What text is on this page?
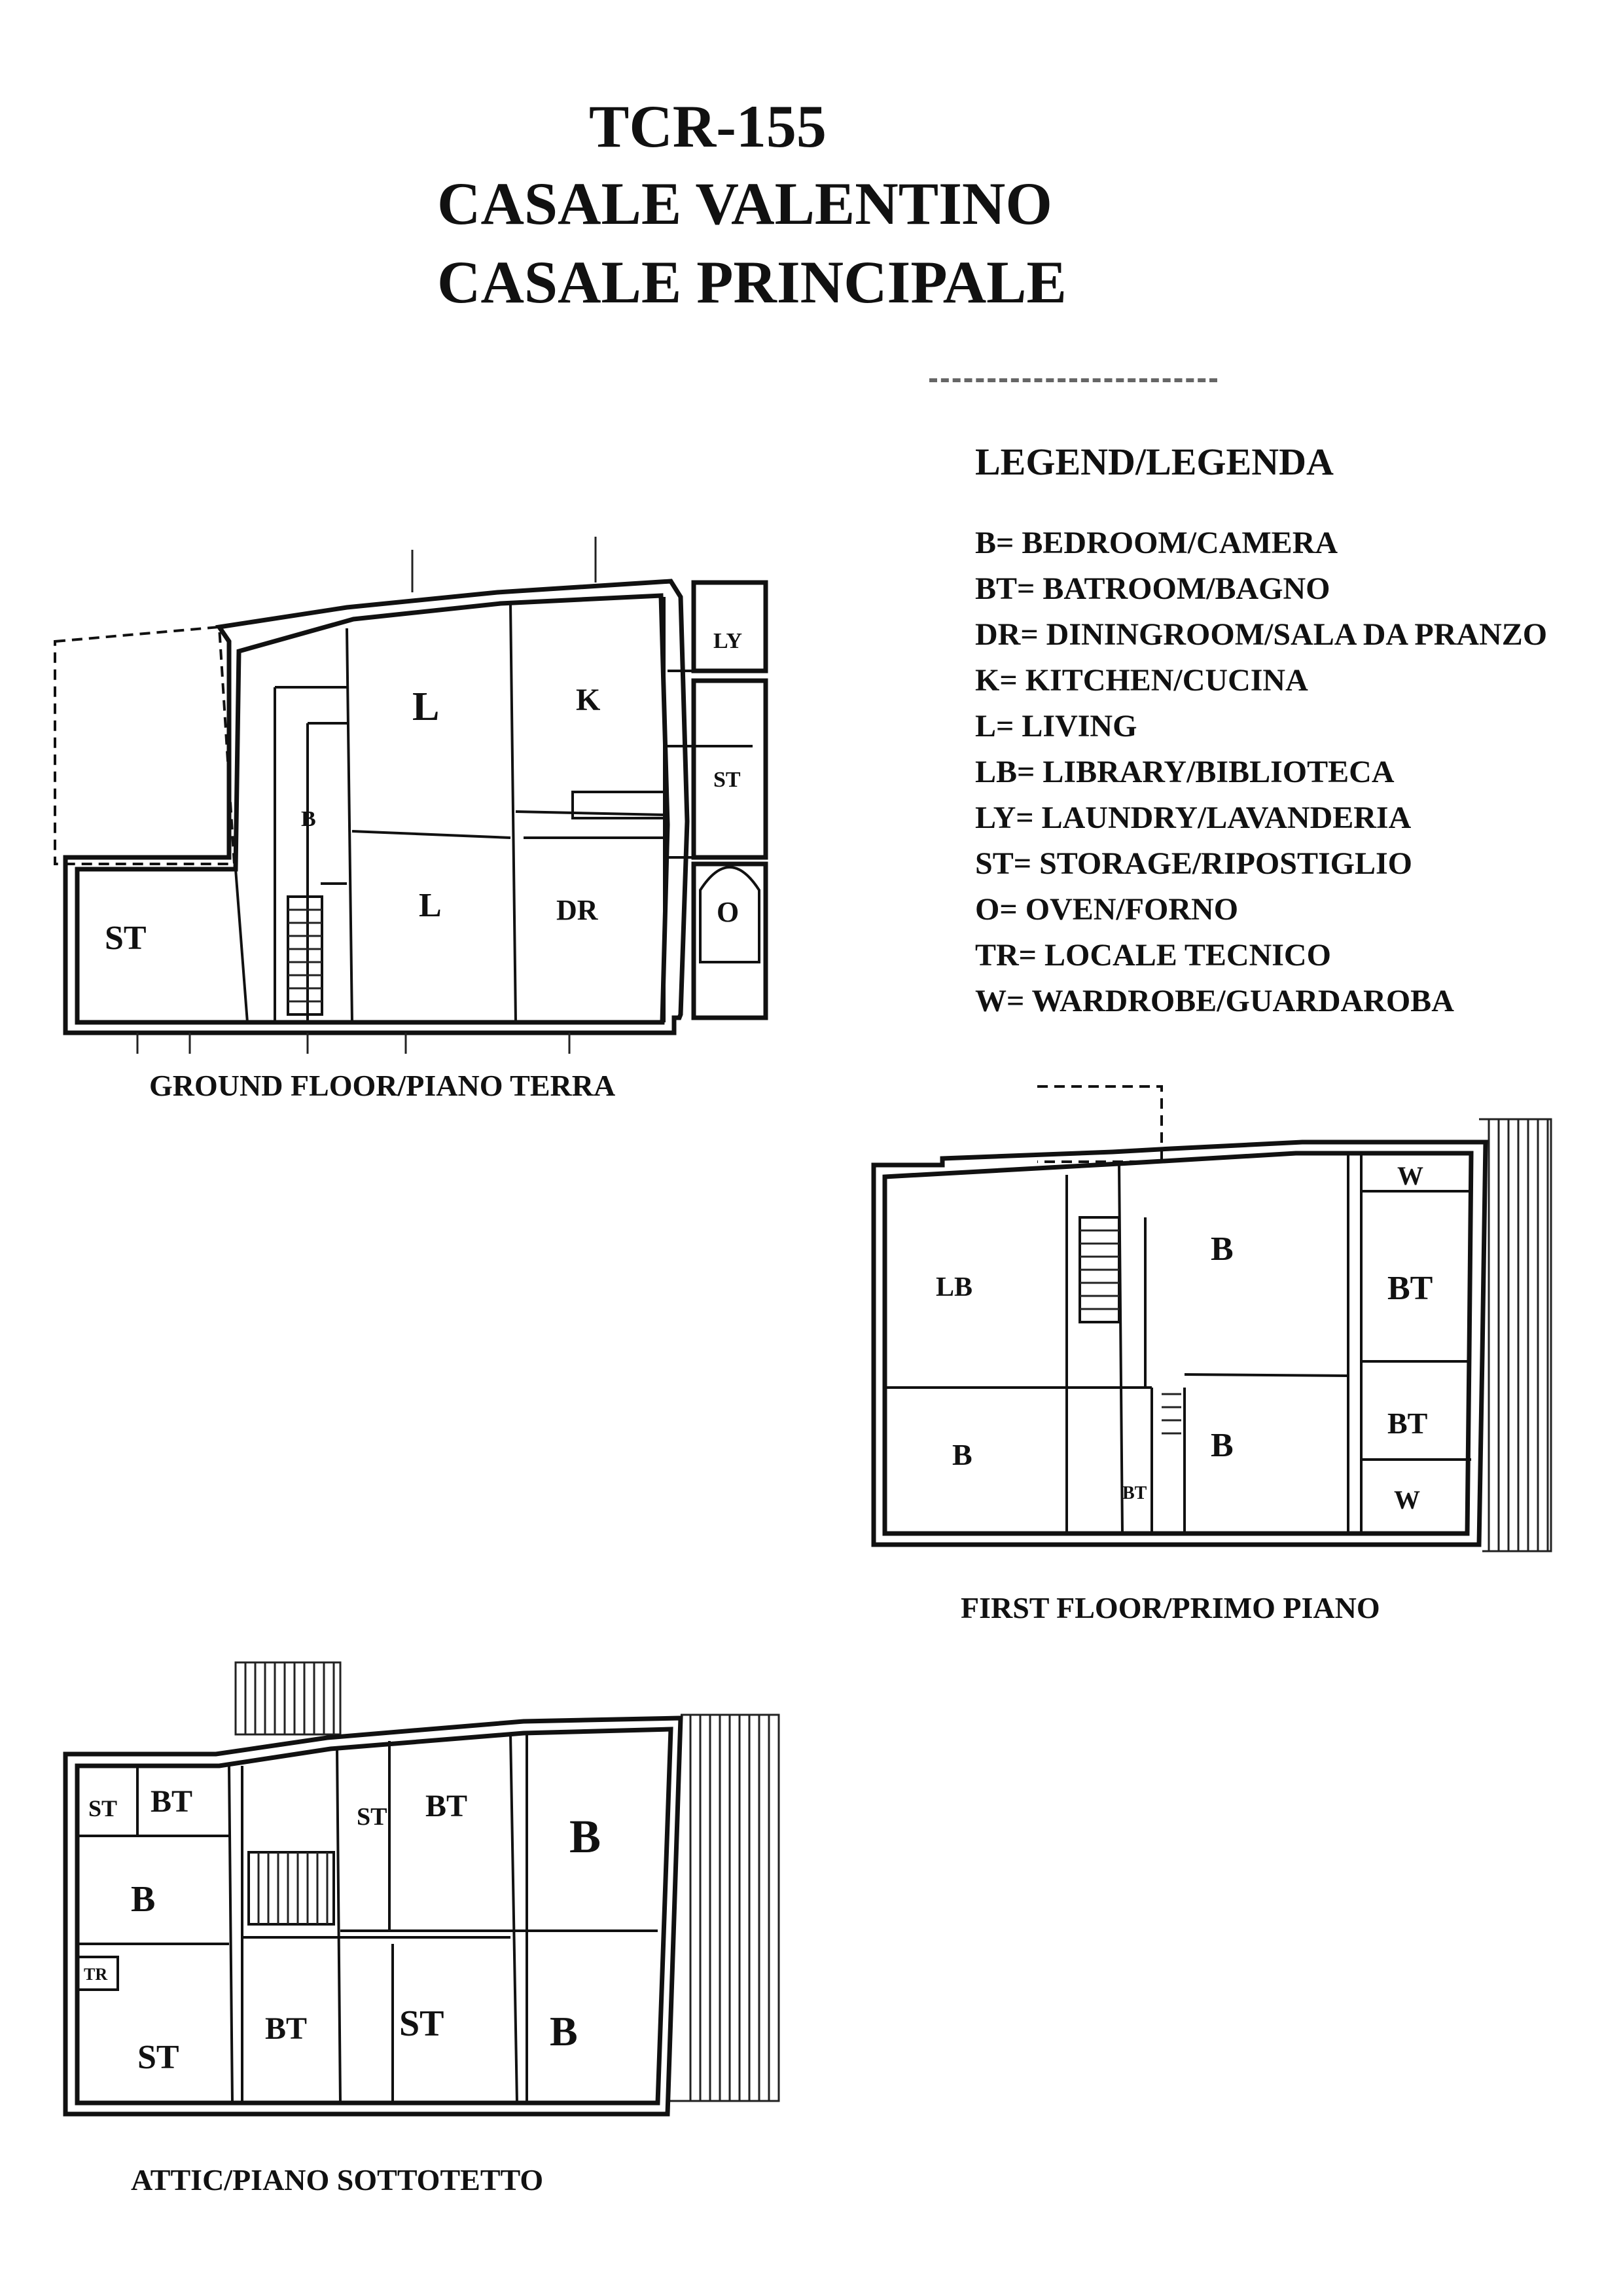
TCR-155
CASALE VALENTINO
CASALE PRINCIPALE
LEGEND/LEGENDA
B= BEDROOM/CAMERA
BT= BATROOM/BAGNO
DR= DININGROOM/SALA DA PRANZO
K= KITCHEN/CUCINA
L= LIVING
LB= LIBRARY/BIBLIOTECA
LY= LAUNDRY/LAVANDERIA
ST= STORAGE/RIPOSTIGLIO
O= OVEN/FORNO
TR= LOCALE TECNICO
W= WARDROBE/GUARDAROBA
ST
B
L
L
K
DR
LY
ST
O
GROUND FLOOR/PIANO TERRA
LB
B
BT
B
B
W
BT
BT
W
FIRST FLOOR/PRIMO PIANO
ST BT
B
TR
ST
BT
ST BT
ST
B
B
ATTIC/PIANO SOTTOTETTO
